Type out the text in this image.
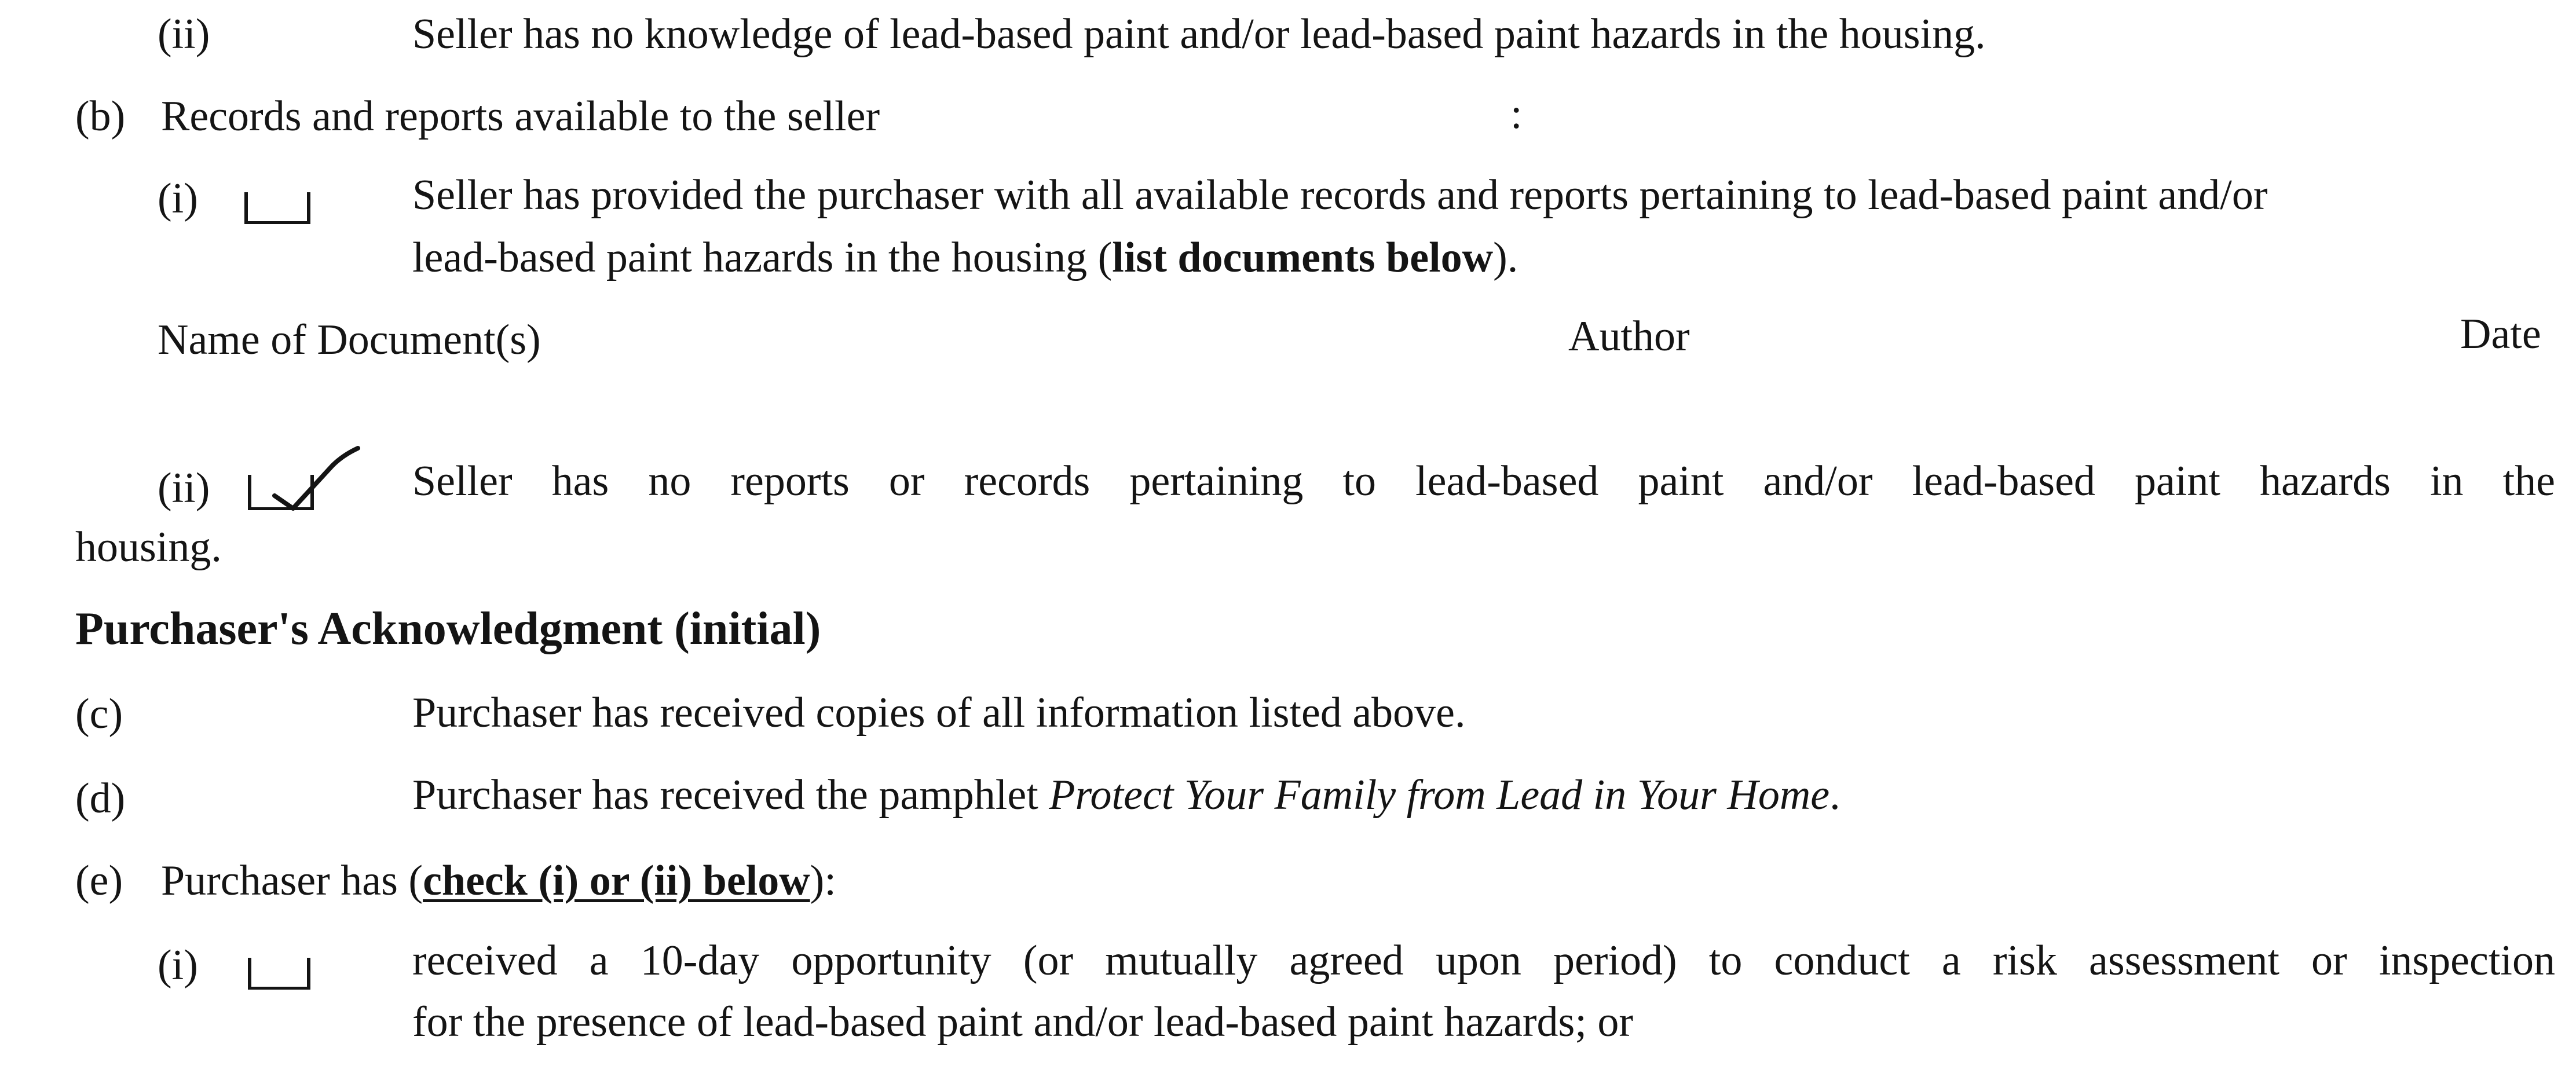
(ii)	Seller has no knowledge of lead-based paint and/or lead-based paint hazards in the housing.
(b) Records and reports available to the seller	:
(i)	Seller has provided the purchaser with all available records and reports pertaining to lead-based paint and/or
lead-based paint hazards in the housing (list documents below).
Name of Document(s)	Author	Date
(ii)	Seller has no reports or records pertaining to lead-based paint and/or lead-based paint hazards in the
housing.
Purchaser's Acknowledgment (initial)
(c)	Purchaser has received copies of all information listed above.
(d)	Purchaser has received the pamphlet Protect Your Family from Lead in Your Home.
(e) Purchaser has (check (i) or (ii) below):
(i)	received a 10-day opportunity (or mutually agreed upon period) to conduct a risk assessment or inspection
for the presence of lead-based paint and/or lead-based paint hazards; or
